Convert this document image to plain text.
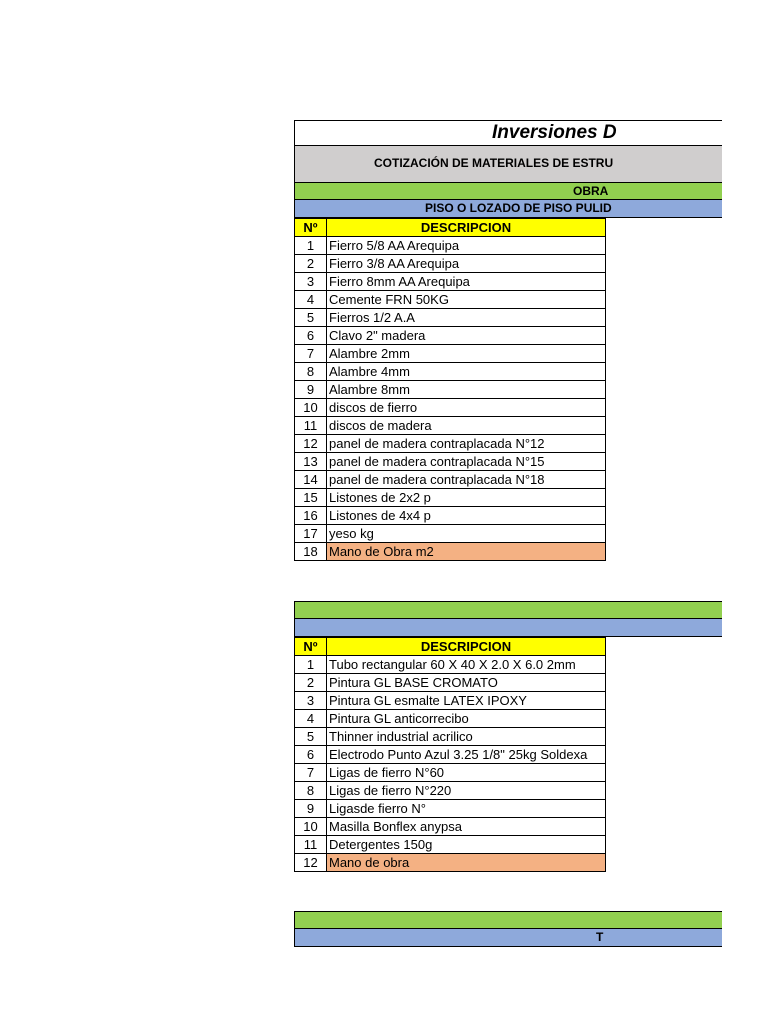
Inversiones D
COTIZACIÓN DE MATERIALES DE ESTRU
OBRA
PISO O LOZADO DE PISO PULID
Nº	DESCRIPCION
1	Fierro 5/8 AA Arequipa
2	Fierro 3/8 AA Arequipa
3	Fierro 8mm AA Arequipa
4	Cemente FRN 50KG
5	Fierros 1/2 A.A
6	Clavo 2" madera
7	Alambre 2mm
8	Alambre 4mm
9	Alambre 8mm
10	discos de fierro
11	discos de madera
12	panel de madera contraplacada N°12
13	panel de madera contraplacada N°15
14	panel de madera contraplacada N°18
15	Listones de 2x2 p
16	Listones de 4x4 p
17	yeso kg
18	Mano de Obra m2
Nº	DESCRIPCION
1	Tubo rectangular 60 X 40 X 2.0 X 6.0 2mm
2	Pintura GL BASE CROMATO
3	Pintura GL esmalte LATEX IPOXY
4	Pintura GL anticorrecibo
5	Thinner industrial acrilico
6	Electrodo Punto Azul 3.25 1/8" 25kg Soldexa
7	Ligas de fierro N°60
8	Ligas de fierro N°220
9	Ligasde fierro N°
10	Masilla Bonflex anypsa
11	Detergentes 150g
12	Mano de obra
T
